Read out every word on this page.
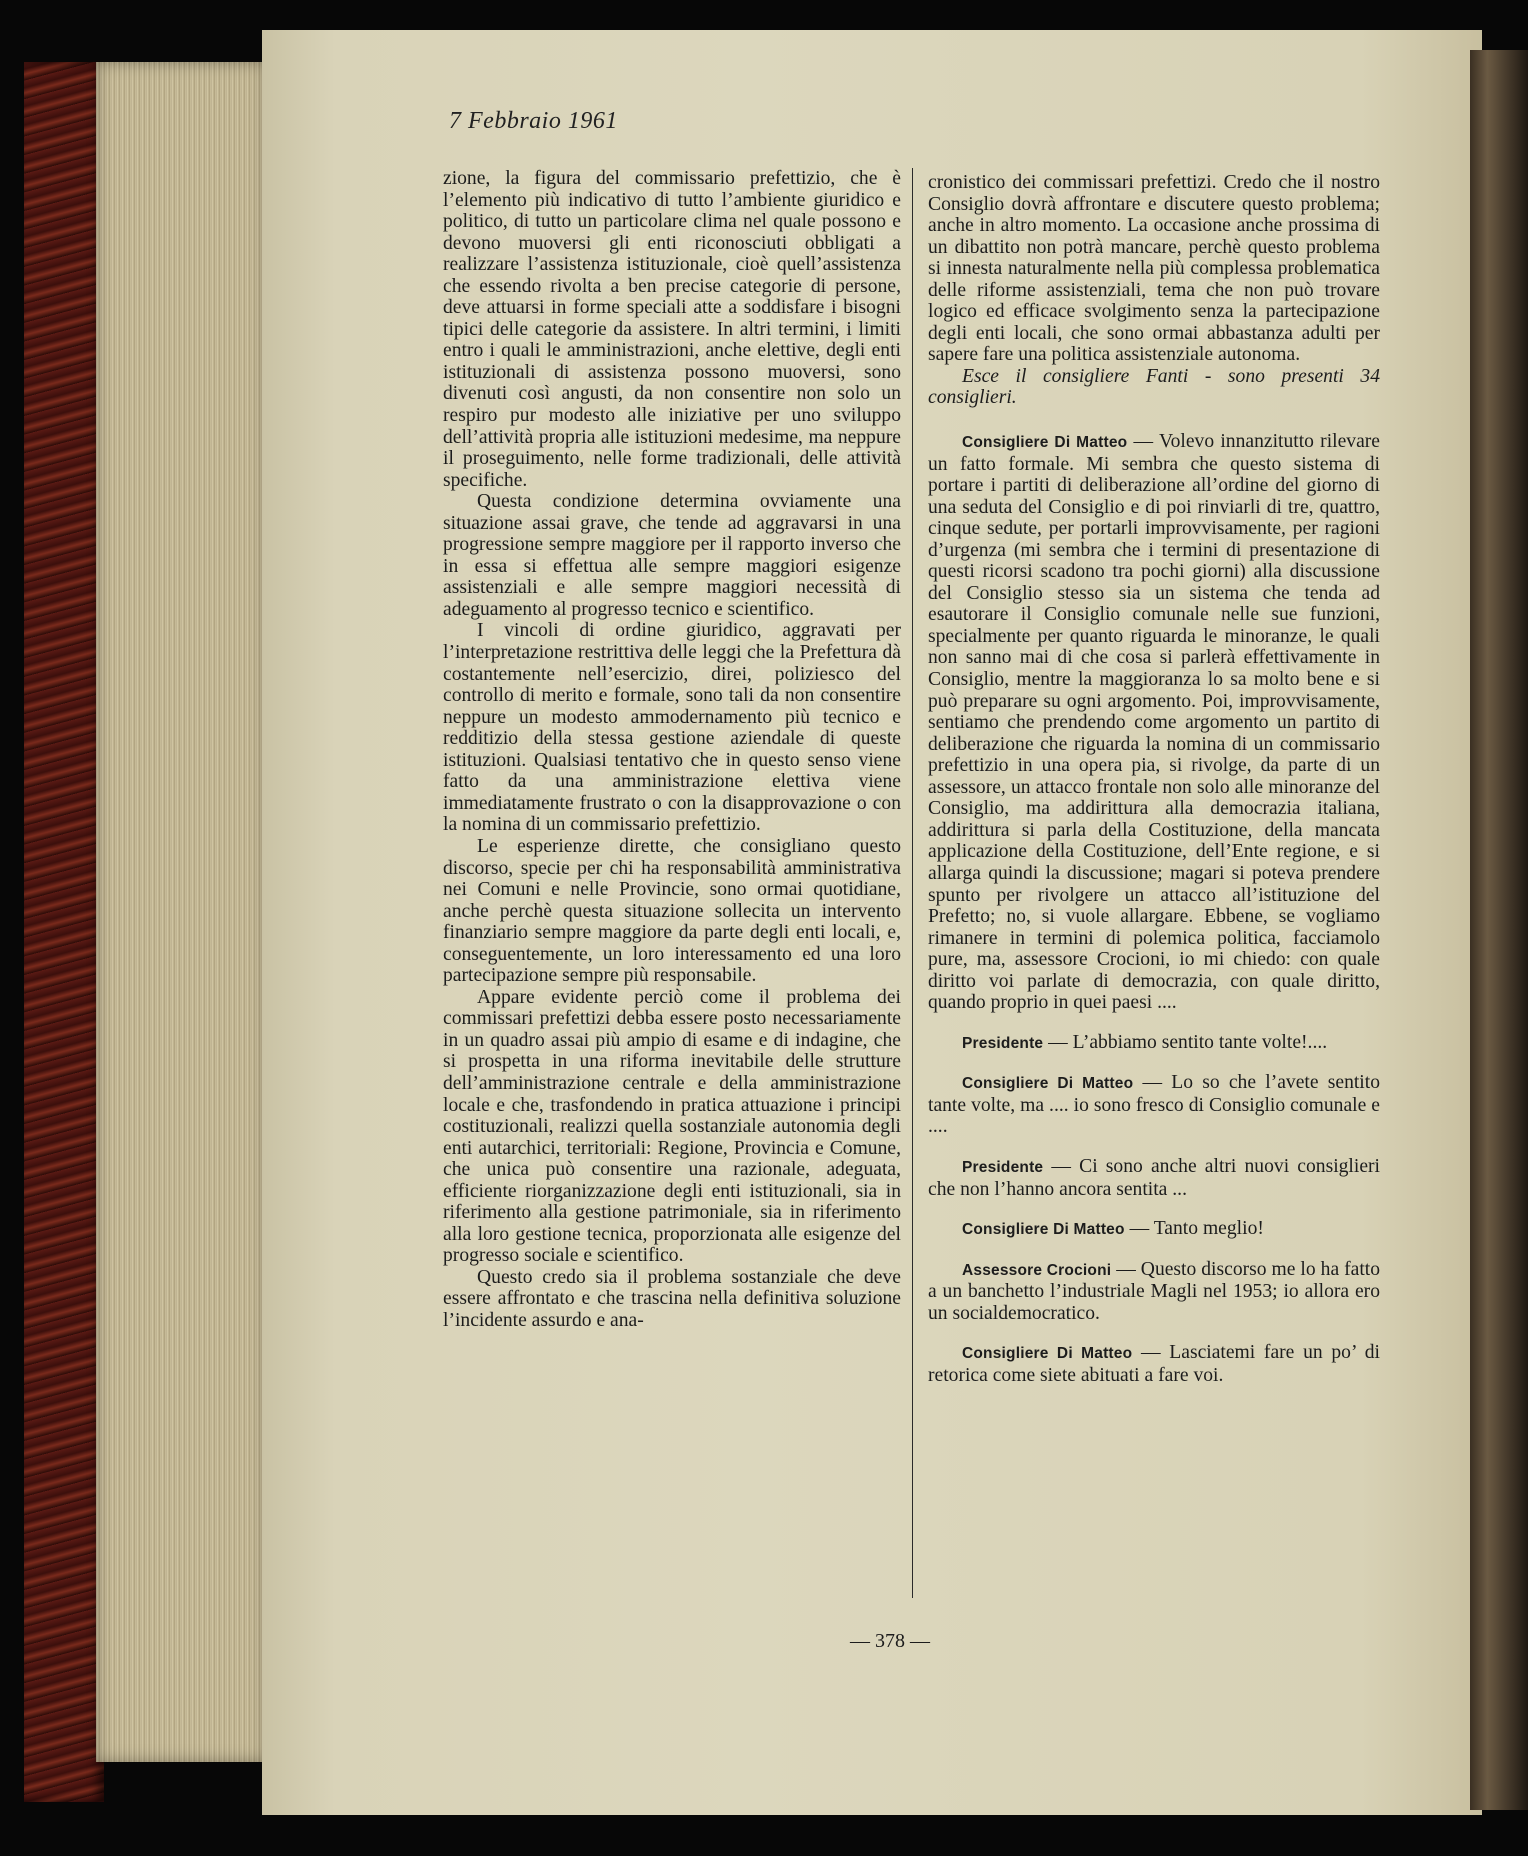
7 Febbraio 1961

zione, la figura del commissario prefettizio, che è l’elemento più indicativo di tutto l’ambiente giuridico e politico, di tutto un particolare clima nel quale possono e devono muoversi gli enti riconosciuti obbligati a realizzare l’assistenza istituzionale, cioè quell’assistenza che essendo rivolta a ben precise categorie di persone, deve attuarsi in forme speciali atte a soddisfare i bisogni tipici delle categorie da assistere. In altri termini, i limiti entro i quali le amministrazioni, anche elettive, degli enti istituzionali di assistenza possono muoversi, sono divenuti così angusti, da non consentire non solo un respiro pur modesto alle iniziative per uno sviluppo dell’attività propria alle istituzioni medesime, ma neppure il proseguimento, nelle forme tradizionali, delle attività specifiche.

Questa condizione determina ovviamente una situazione assai grave, che tende ad aggravarsi in una progressione sempre maggiore per il rapporto inverso che in essa si effettua alle sempre maggiori esigenze assistenziali e alle sempre maggiori necessità di adeguamento al progresso tecnico e scientifico.

I vincoli di ordine giuridico, aggravati per l’interpretazione restrittiva delle leggi che la Prefettura dà costantemente nell’esercizio, direi, poliziesco del controllo di merito e formale, sono tali da non consentire neppure un modesto ammodernamento più tecnico e redditizio della stessa gestione aziendale di queste istituzioni. Qualsiasi tentativo che in questo senso viene fatto da una amministrazione elettiva viene immediatamente frustrato o con la disapprovazione o con la nomina di un commissario prefettizio.

Le esperienze dirette, che consigliano questo discorso, specie per chi ha responsabilità amministrativa nei Comuni e nelle Provincie, sono ormai quotidiane, anche perchè questa situazione sollecita un intervento finanziario sempre maggiore da parte degli enti locali, e, conseguentemente, un loro interessamento ed una loro partecipazione sempre più responsabile.

Appare evidente perciò come il problema dei commissari prefettizi debba essere posto necessariamente in un quadro assai più ampio di esame e di indagine, che si prospetta in una riforma inevitabile delle strutture dell’amministrazione centrale e della amministrazione locale e che, trasfondendo in pratica attuazione i principi costituzionali, realizzi quella sostanziale autonomia degli enti autarchici, territoriali: Regione, Provincia e Comune, che unica può consentire una razionale, adeguata, efficiente riorganizzazione degli enti istituzionali, sia in riferimento alla gestione patrimoniale, sia in riferimento alla loro gestione tecnica, proporzionata alle esigenze del progresso sociale e scientifico.

Questo credo sia il problema sostanziale che deve essere affrontato e che trascina nella definitiva soluzione l’incidente assurdo e ana-

cronistico dei commissari prefettizi. Credo che il nostro Consiglio dovrà affrontare e discutere questo problema; anche in altro momento. La occasione anche prossima di un dibattito non potrà mancare, perchè questo problema si innesta naturalmente nella più complessa problematica delle riforme assistenziali, tema che non può trovare logico ed efficace svolgimento senza la partecipazione degli enti locali, che sono ormai abbastanza adulti per sapere fare una politica assistenziale autonoma.

Esce il consigliere Fanti - sono presenti 34 consiglieri.

Consigliere Di Matteo — Volevo innanzitutto rilevare un fatto formale. Mi sembra che questo sistema di portare i partiti di deliberazione all’ordine del giorno di una seduta del Consiglio e di poi rinviarli di tre, quattro, cinque sedute, per portarli improvvisamente, per ragioni d’urgenza (mi sembra che i termini di presentazione di questi ricorsi scadono tra pochi giorni) alla discussione del Consiglio stesso sia un sistema che tenda ad esautorare il Consiglio comunale nelle sue funzioni, specialmente per quanto riguarda le minoranze, le quali non sanno mai di che cosa si parlerà effettivamente in Consiglio, mentre la maggioranza lo sa molto bene e si può preparare su ogni argomento. Poi, improvvisamente, sentiamo che prendendo come argomento un partito di deliberazione che riguarda la nomina di un commissario prefettizio in una opera pia, si rivolge, da parte di un assessore, un attacco frontale non solo alle minoranze del Consiglio, ma addirittura alla democrazia italiana, addirittura si parla della Costituzione, della mancata applicazione della Costituzione, dell’Ente regione, e si allarga quindi la discussione; magari si poteva prendere spunto per rivolgere un attacco all’istituzione del Prefetto; no, si vuole allargare. Ebbene, se vogliamo rimanere in termini di polemica politica, facciamolo pure, ma, assessore Crocioni, io mi chiedo: con quale diritto voi parlate di democrazia, con quale diritto, quando proprio in quei paesi ....

Presidente — L’abbiamo sentito tante volte!....

Consigliere Di Matteo — Lo so che l’avete sentito tante volte, ma .... io sono fresco di Consiglio comunale e ....

Presidente — Ci sono anche altri nuovi consiglieri che non l’hanno ancora sentita ...

Consigliere Di Matteo — Tanto meglio!

Assessore Crocioni — Questo discorso me lo ha fatto a un banchetto l’industriale Magli nel 1953; io allora ero un socialdemocratico.

Consigliere Di Matteo — Lasciatemi fare un po’ di retorica come siete abituati a fare voi.

— 378 —
